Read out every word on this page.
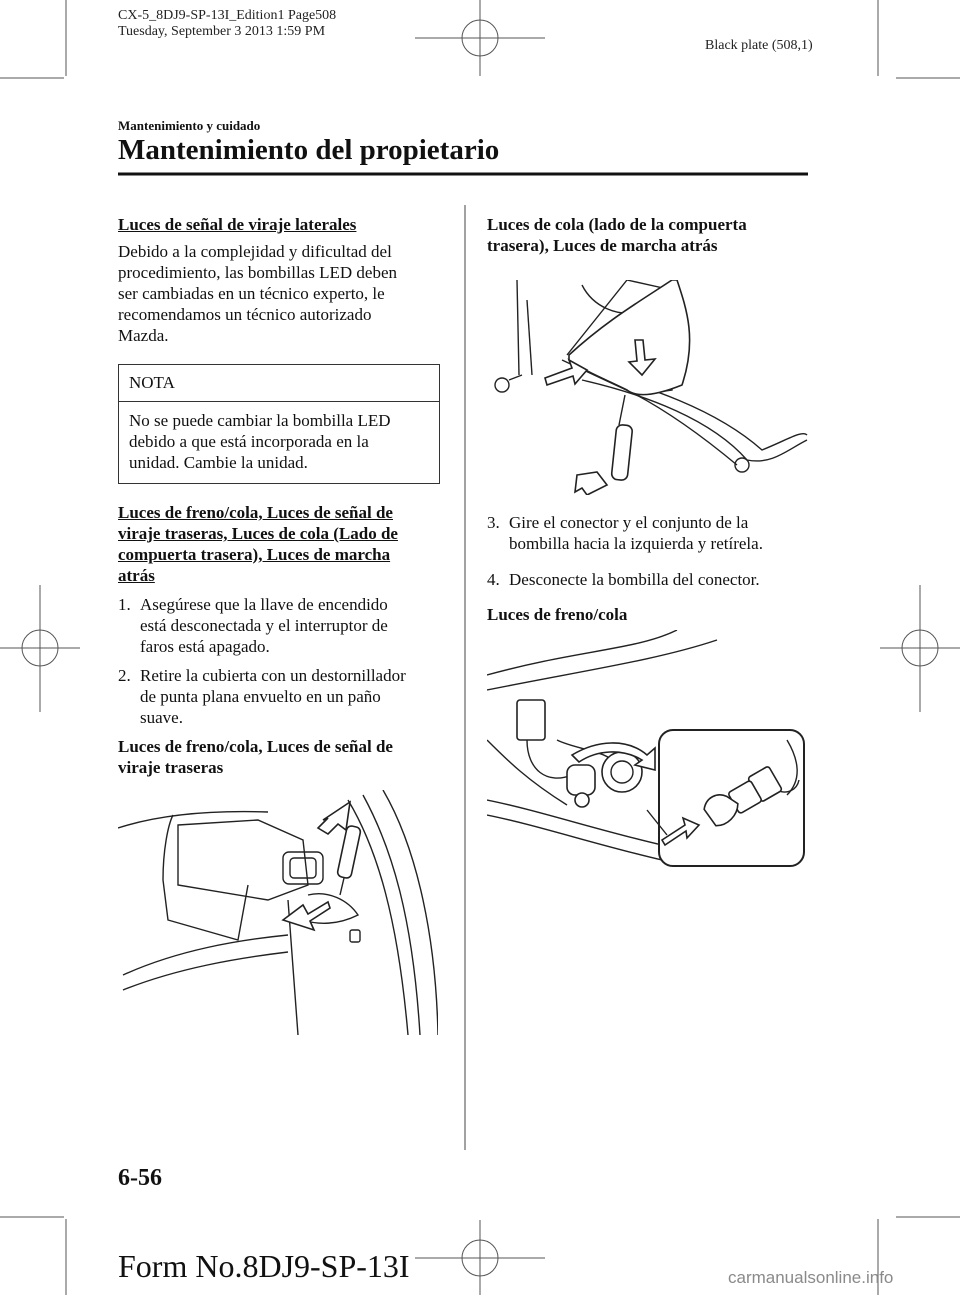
CX-5_8DJ9-SP-13I_Edition1 Page508
Tuesday, September 3 2013 1:59 PM
Black plate (508,1)
Mantenimiento y cuidado
Mantenimiento del propietario
Luces de señal de viraje laterales
Debido a la complejidad y dificultad del
procedimiento, las bombillas LED deben
ser cambiadas en un técnico experto, le
recomendamos un técnico autorizado
Mazda.
NOTA
No se puede cambiar la bombilla LED
debido a que está incorporada en la
unidad. Cambie la unidad.
Luces de freno/cola, Luces de señal de
viraje traseras, Luces de cola (Lado de
compuerta trasera), Luces de marcha
atrás
1. Asegúrese que la llave de encendido
está desconectada y el interruptor de
faros está apagado.
2. Retire la cubierta con un destornillador
de punta plana envuelto en un paño
suave.
Luces de freno/cola, Luces de señal de
viraje traseras
Luces de cola (lado de la compuerta
trasera), Luces de marcha atrás
3. Gire el conector y el conjunto de la
bombilla hacia la izquierda y retírela.
4. Desconecte la bombilla del conector.
Luces de freno/cola
6-56
Form No.8DJ9-SP-13I	carmanualsonline.info
